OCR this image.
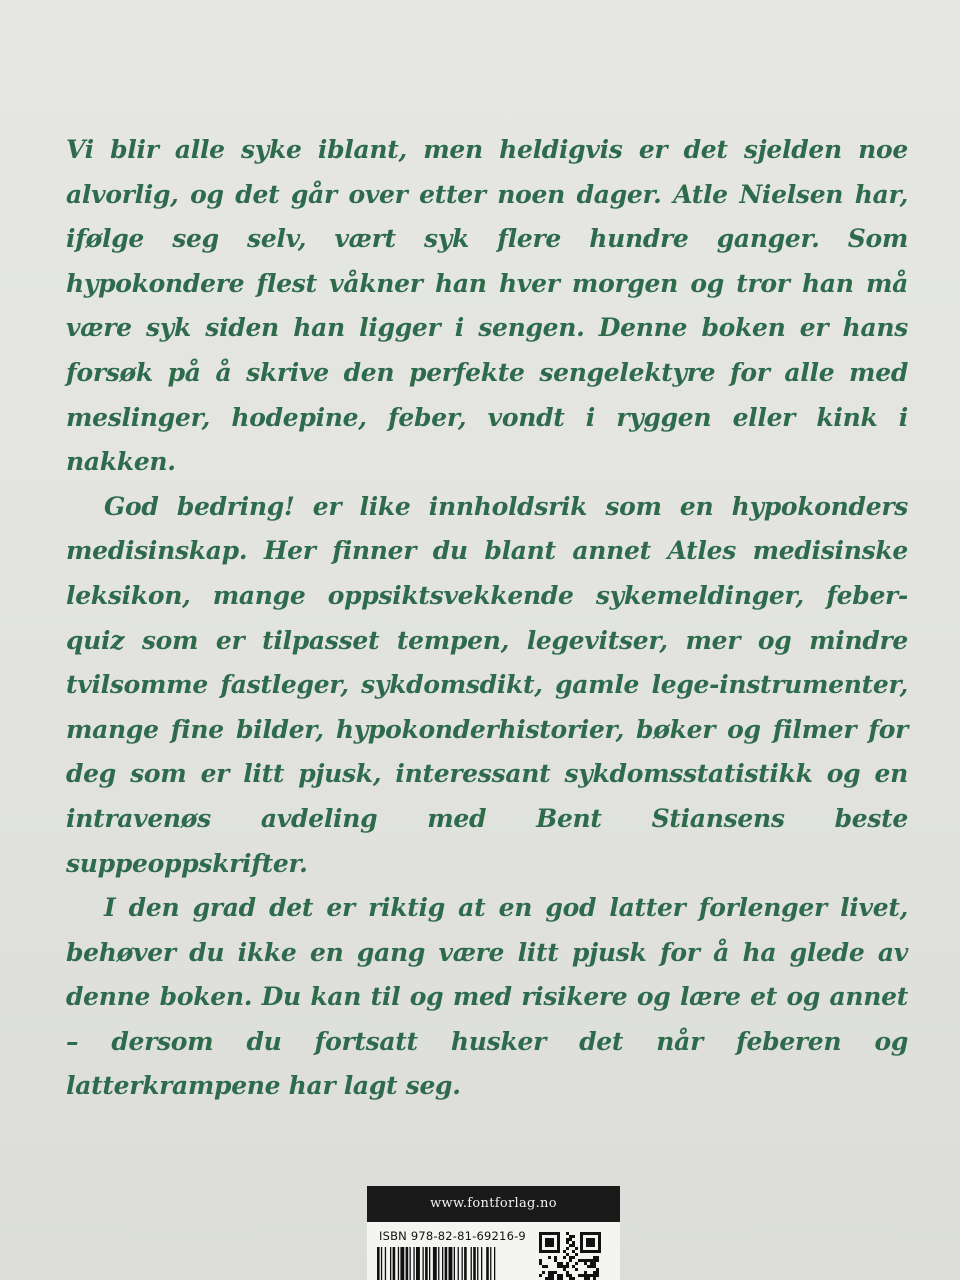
Vi blir alle syke iblant, men heldigvis er det sjelden noe alvorlig, og det går over etter noen dager. Atle Nielsen har, ifølge seg selv, vært syk flere hundre ganger. Som hypokondere flest våkner han hver morgen og tror han må være syk siden han ligger i sengen. Denne boken er hans forsøk på å skrive den perfekte sengelektyre for alle med meslinger, hodepine, feber, vondt i ryggen eller kink i nakken.

God bedring! er like innholdsrik som en hypokonders medisinskap. Her finner du blant annet Atles medisinske leksikon, mange oppsiktsvekkende sykemeldinger, feber-quiz som er tilpasset tempen, legevitser, mer og mindre tvilsomme fastleger, sykdomsdikt, gamle lege-instrumenter, mange fine bilder, hypokonderhistorier, bøker og filmer for deg som er litt pjusk, interessant sykdomsstatistikk og en intravenøs avdeling med Bent Stiansens beste suppeoppskrifter.

I den grad det er riktig at en god latter forlenger livet, behøver du ikke en gang være litt pjusk for å ha glede av denne boken. Du kan til og med risikere og lære et og annet – dersom du fortsatt husker det når feberen og latterkrampene har lagt seg.

www.fontforlag.no
ISBN 978-82-81-69216-9
